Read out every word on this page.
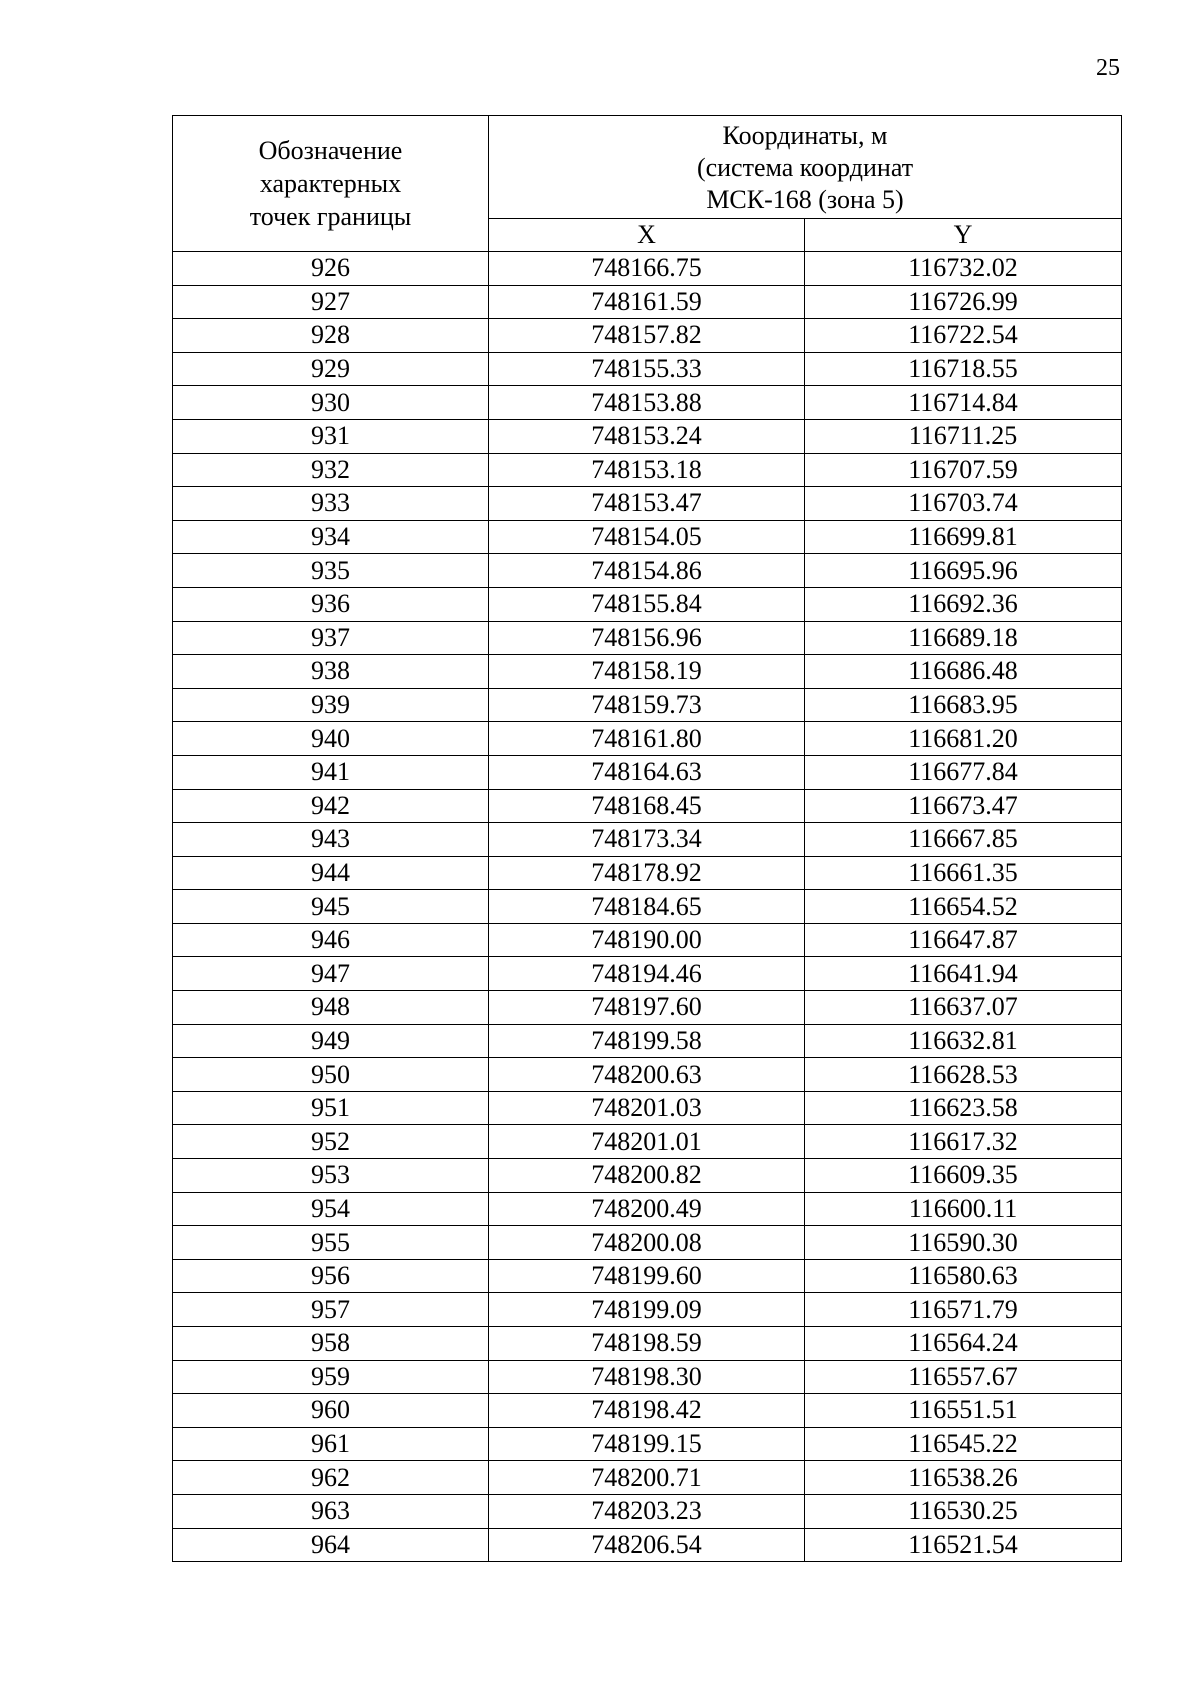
25
Обозначение
характерных
точек границы	Координаты, м
(система координат
МСК-168 (зона 5)	

	X	Y
926	748166.75	116732.02
927	748161.59	116726.99
928	748157.82	116722.54
929	748155.33	116718.55
930	748153.88	116714.84
931	748153.24	116711.25
932	748153.18	116707.59
933	748153.47	116703.74
934	748154.05	116699.81
935	748154.86	116695.96
936	748155.84	116692.36
937	748156.96	116689.18
938	748158.19	116686.48
939	748159.73	116683.95
940	748161.80	116681.20
941	748164.63	116677.84
942	748168.45	116673.47
943	748173.34	116667.85
944	748178.92	116661.35
945	748184.65	116654.52
946	748190.00	116647.87
947	748194.46	116641.94
948	748197.60	116637.07
949	748199.58	116632.81
950	748200.63	116628.53
951	748201.03	116623.58
952	748201.01	116617.32
953	748200.82	116609.35
954	748200.49	116600.11
955	748200.08	116590.30
956	748199.60	116580.63
957	748199.09	116571.79
958	748198.59	116564.24
959	748198.30	116557.67
960	748198.42	116551.51
961	748199.15	116545.22
962	748200.71	116538.26
963	748203.23	116530.25
964	748206.54	116521.54
